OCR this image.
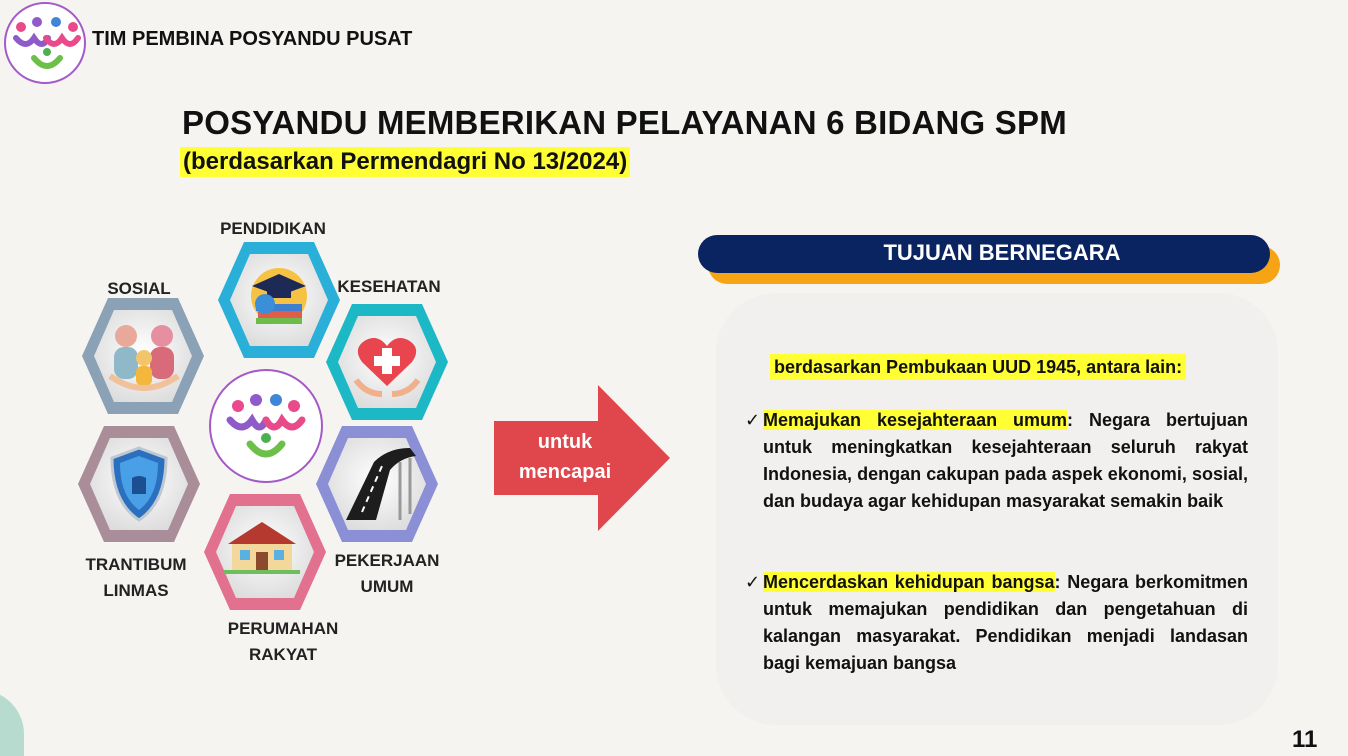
TIM PEMBINA POSYANDU PUSAT
POSYANDU MEMBERIKAN PELAYANAN 6 BIDANG SPM
(berdasarkan Permendagri No 13/2024)
PENDIDIKAN
SOSIAL	KESEHATAN
TRANTIBUM
LINMAS
PEKERJAAN
UMUM
PERUMAHAN
RAKYAT
untuk
mencapai
TUJUAN BERNEGARA
berdasarkan Pembukaan UUD 1945, antara lain:
✓ Memajukan kesejahteraan umum: Negara bertujuan untuk meningkatkan kesejahteraan seluruh rakyat Indonesia, dengan cakupan pada aspek ekonomi, sosial, dan budaya agar kehidupan masyarakat semakin baik
✓ Mencerdaskan kehidupan bangsa: Negara berkomitmen untuk memajukan pendidikan dan pengetahuan di kalangan masyarakat. Pendidikan menjadi landasan bagi kemajuan bangsa
11
